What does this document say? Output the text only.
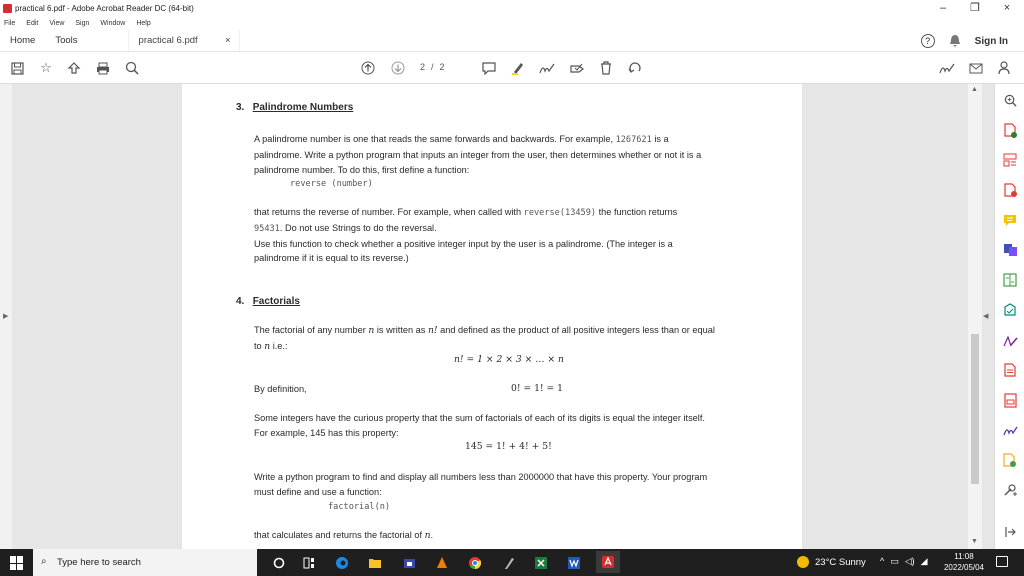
practical 6.pdf - Adobe Acrobat Reader DC (64-bit)	–	❐	×
File Edit View Sign Window Help
Home	Tools	practical 6.pdf	×	?	Sign In
☆	2 / 2
▶
3. Palindrome Numbers
A palindrome number is one that reads the same forwards and backwards. For example, 1267621 is a
palindrome. Write a python program that inputs an integer from the user, then determines whether or not it is a
palindrome number. To do this, first define a function:
reverse (number)
that returns the reverse of number. For example, when called with reverse(13459) the function returns
95431. Do not use Strings to do the reversal.
Use this function to check whether a positive integer input by the user is a palindrome. (The integer is a
palindrome if it is equal to its reverse.)
4. Factorials
The factorial of any number n is written as n! and defined as the product of all positive integers less than or equal
to n i.e.:
n! = 1 × 2 × 3 × … × n
By definition,	0! = 1! = 1
Some integers have the curious property that the sum of factorials of each of its digits is equal the integer itself.
For example, 145 has this property:
145 = 1! + 4! + 5!
Write a python program to find and display all numbers less than 2000000 that have this property. Your program
must define and use a function:
factorial(n)
that calculates and returns the factorial of n.
▲
▼
◀
⌕ Type here to search	23°C Sunny ^ ▭ ◁) ◢	11:08
2022/05/04
